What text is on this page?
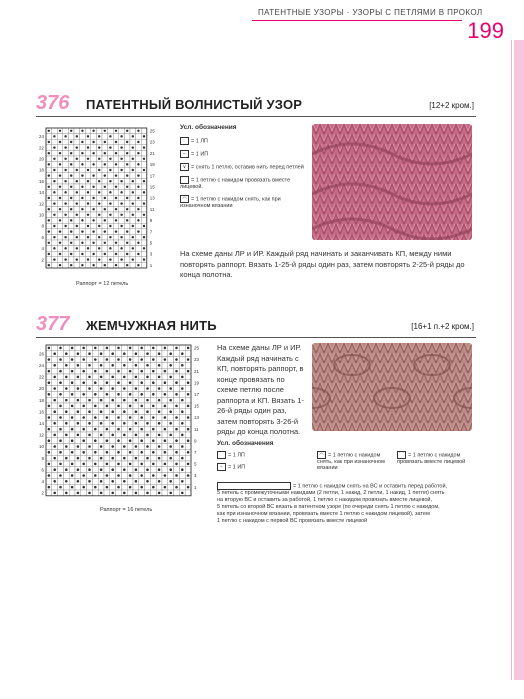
ПАТЕНТНЫЕ УЗОРЫ · УЗОРЫ С ПЕТЛЯМИ В ПРОКОЛ
199
376 ПАТЕНТНЫЙ ВОЛНИСТЫЙ УЗОР	[12+2 кром.]
25
23
21
19
17
15
13
11
9
7
5
3
1
24
22
20
18
16
14
12
10
8
6
4
2
Раппорт = 12 петель
Усл. обозначения
= 1 ЛП
− = 1 ИП
∨ = снять 1 петлю, оставив нить перед петлей
⌒ = 1 петлю с накидом провязать вместе лицевой.
◠ = 1 петлю с накидом снять, как при изнаночном вязании
На схеме даны ЛР и ИР. Каждый ряд начинать и заканчивать КП, между ними повторять раппорт. Вязать 1-25-й ряды один раз, затем повторять 2-25-й ряды до конца полотна.
377 ЖЕМЧУЖНАЯ НИТЬ	[16+1 п.+2 кром.]
25
23
21
19
17
15
13
11
9
7
5
3
1
26
24
22
20
18
16
14
12
10
8
6
4
2
Раппорт = 16 петель
На схеме даны ЛР и ИР. Каждый ряд начинать с КП, повторять раппорт, в конце провязать по схеме петлю после раппорта и КП. Вязать 1-26-й ряды один раз, затем повторять 3-26-й ряды до конца полотна.
Усл. обозначения
= 1 ЛП
− = 1 ИП
◠ = 1 петлю с накидом снять, как при изнаночном вязании
⌒ = 1 петлю с накидом провязать вместе лицевой
= 1 петлю с накидом снять на ВС и оставить перед работой,
5 петель с промежуточными накидами (2 петли, 1 накид, 2 петли, 1 накид, 1 петля) снять
на вторую ВС и оставить за работой, 1 петлю с накидом провязать вместе лицевой,
5 петель со второй ВС вязать в патентном узоре (по очереди снять 1 петлю с накидом,
как при изнаночном вязании, провязать вместе 1 петлю с накидом лицевой), затем
1 петлю с накидом с первой ВС провязать вместе лицевой
